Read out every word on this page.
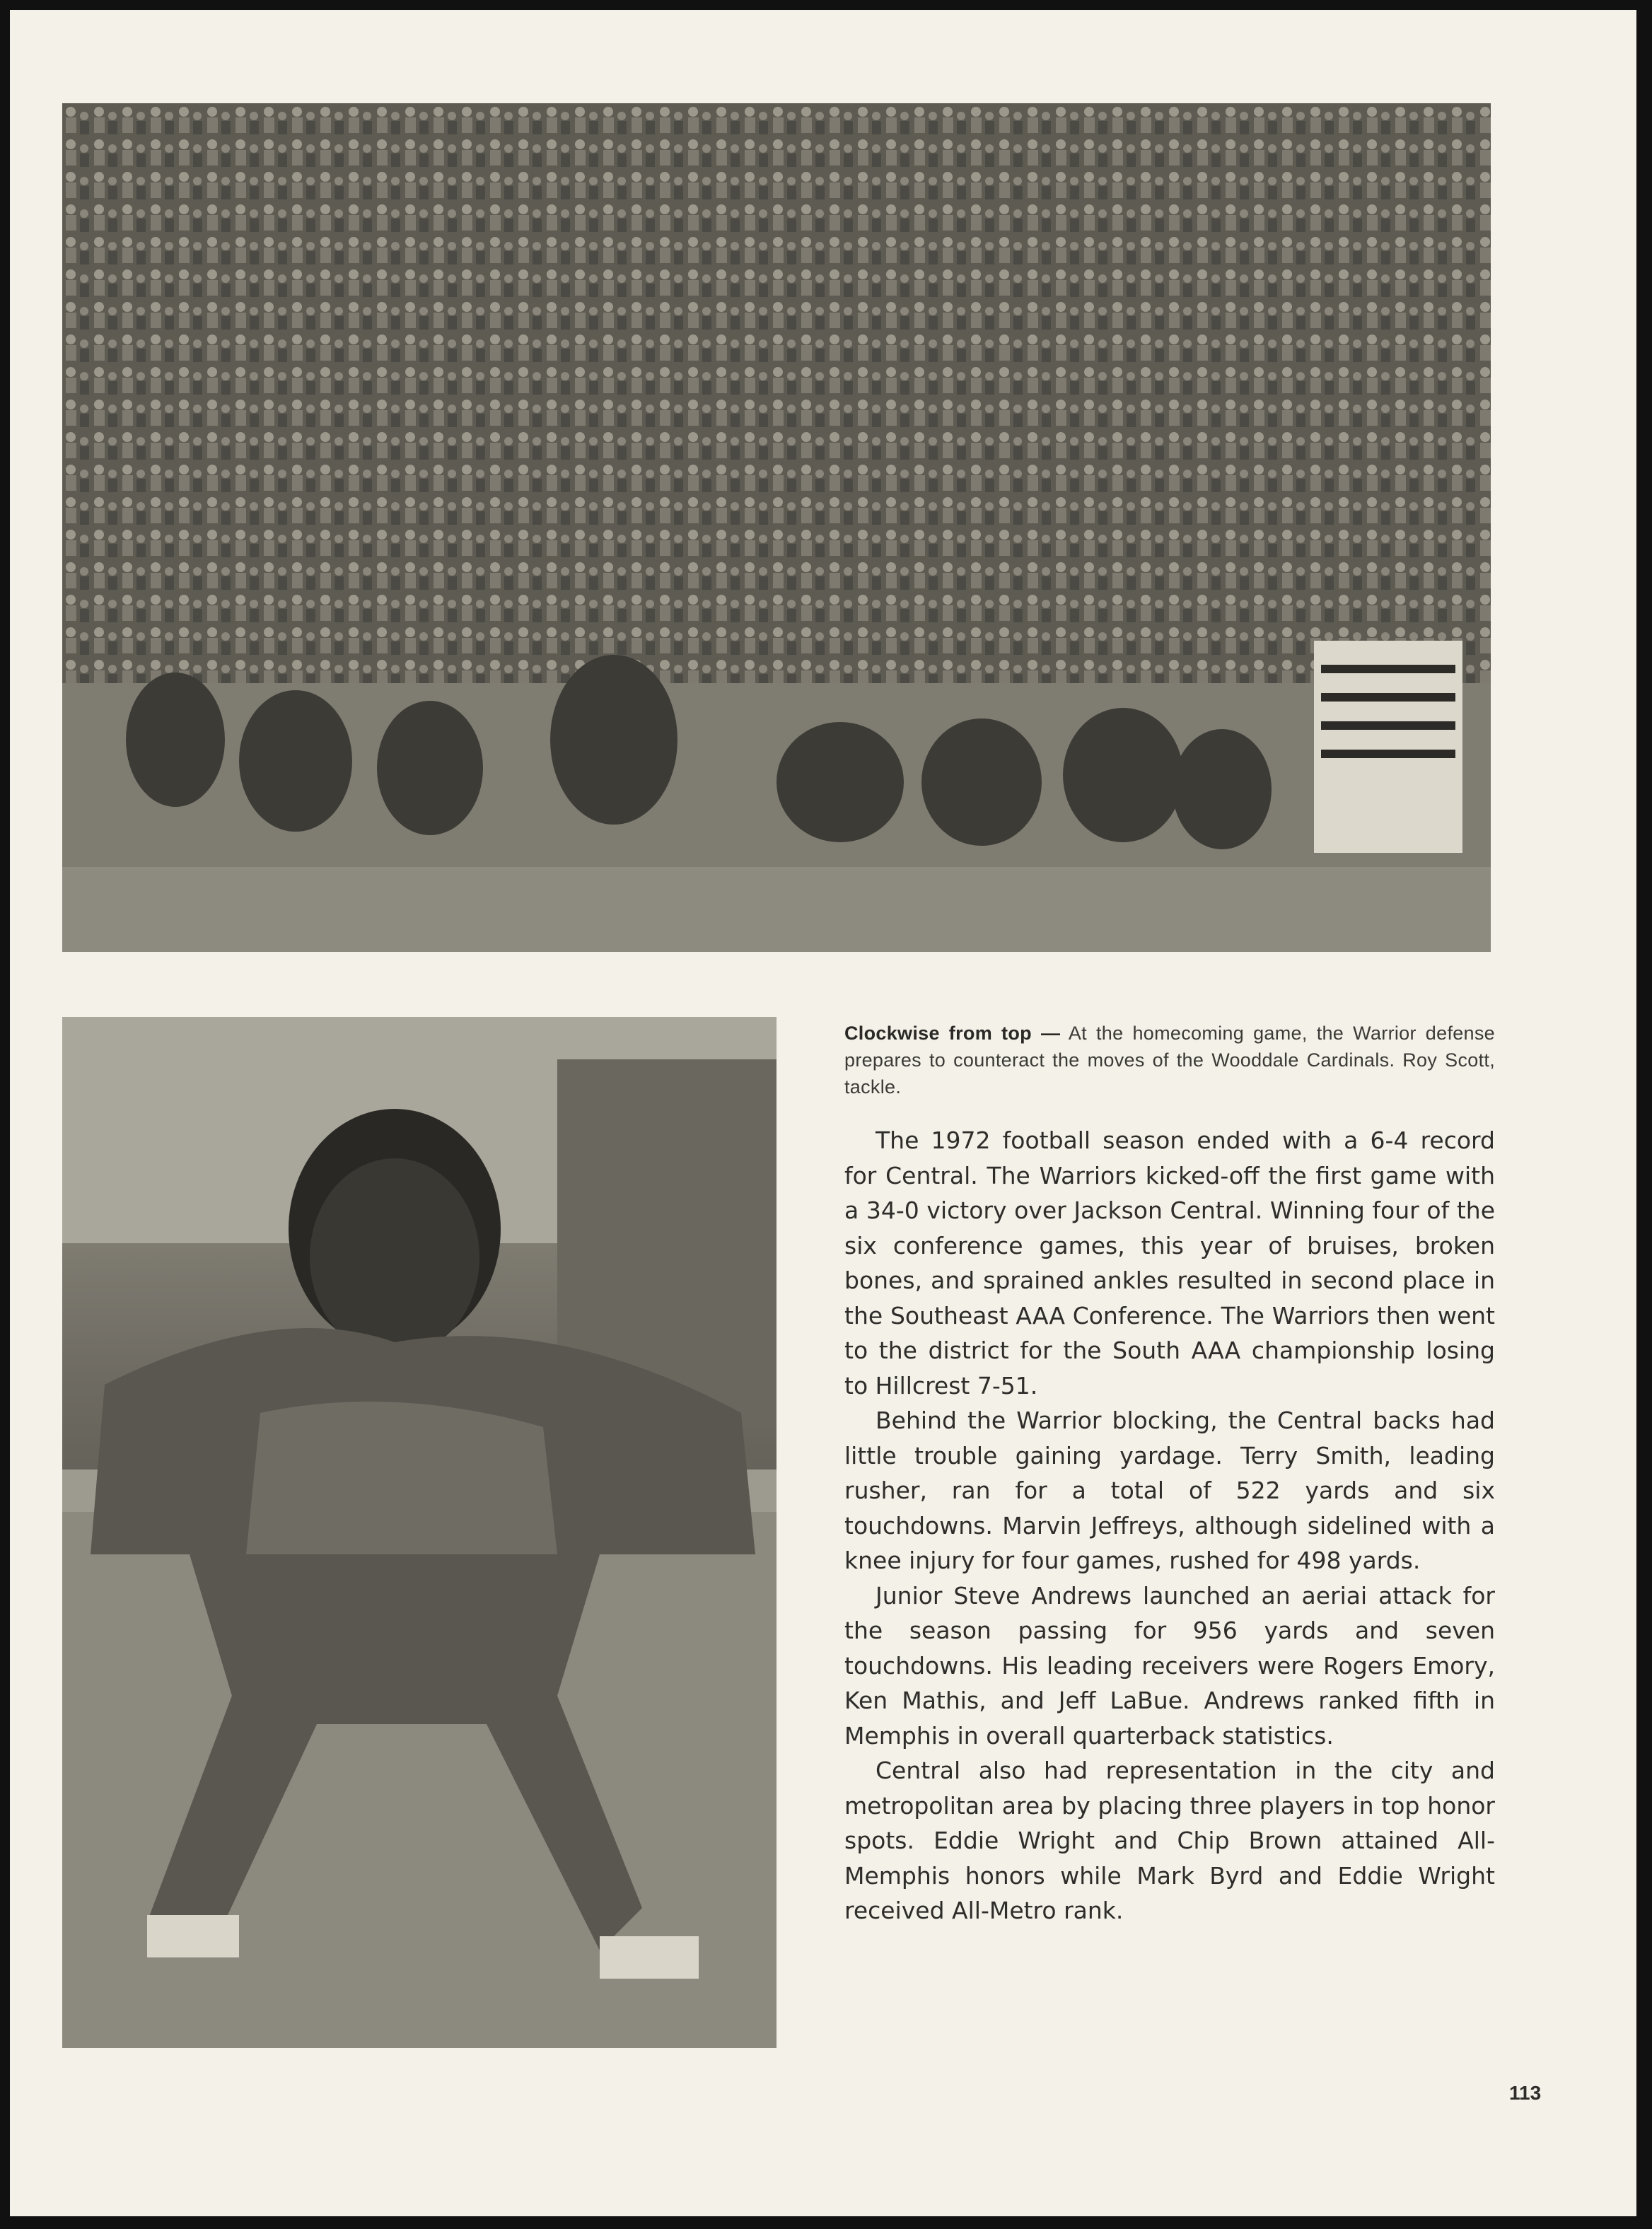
Clockwise from top — At the homecoming game, the Warrior defense prepares to counteract the moves of the Wooddale Cardinals. Roy Scott, tackle.

The 1972 football season ended with a 6-4 record for Central. The Warriors kicked-off the first game with a 34-0 victory over Jackson Central. Winning four of the six conference games, this year of bruises, broken bones, and sprained ankles resulted in second place in the Southeast AAA Conference. The Warriors then went to the district for the South AAA championship losing to Hillcrest 7-51.

Behind the Warrior blocking, the Central backs had little trouble gaining yardage. Terry Smith, leading rusher, ran for a total of 522 yards and six touchdowns. Marvin Jeffreys, although sidelined with a knee injury for four games, rushed for 498 yards.

Junior Steve Andrews launched an aeriai attack for the season passing for 956 yards and seven touchdowns. His leading receivers were Rogers Emory, Ken Mathis, and Jeff LaBue. Andrews ranked fifth in Memphis in overall quarterback statistics.

Central also had representation in the city and metropolitan area by placing three players in top honor spots. Eddie Wright and Chip Brown attained All-Memphis honors while Mark Byrd and Eddie Wright received All-Metro rank.

113
